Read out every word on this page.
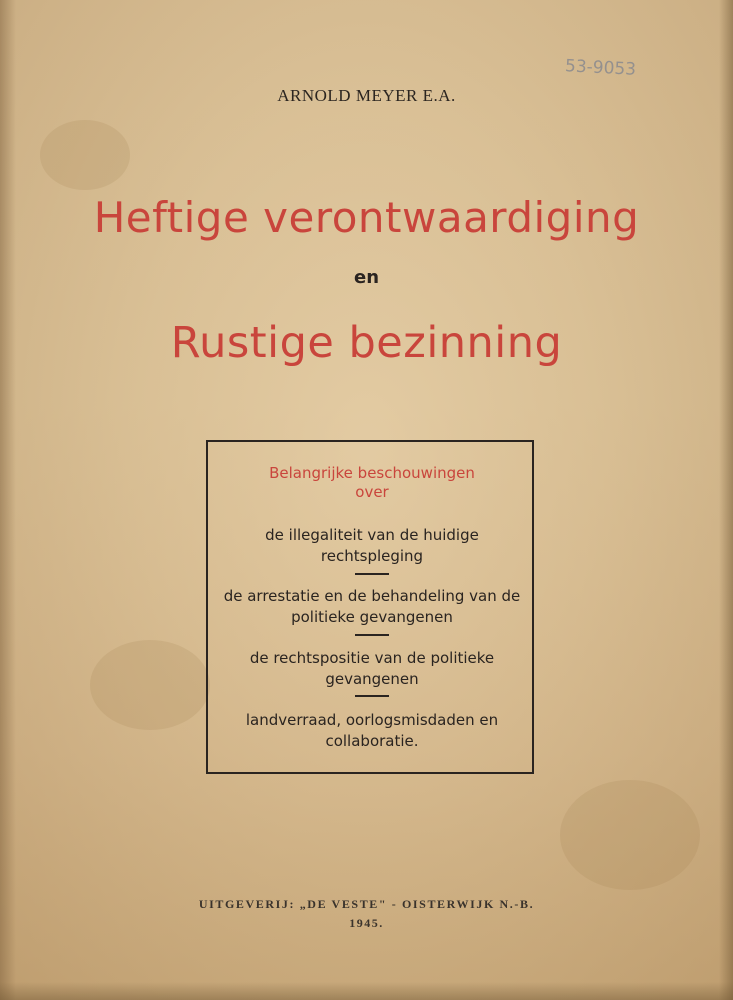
53-9053
ARNOLD MEYER E.A.
Heftige verontwaardiging
en
Rustige bezinning
Belangrijke beschouwingen
over
de illegaliteit van de huidige rechtspleging
de arrestatie en de behandeling van de politieke gevangenen
de rechtspositie van de politieke gevangenen
landverraad, oorlogsmisdaden en collaboratie.
UITGEVERIJ: „DE VESTE" - OISTERWIJK N.-B.
1945.
